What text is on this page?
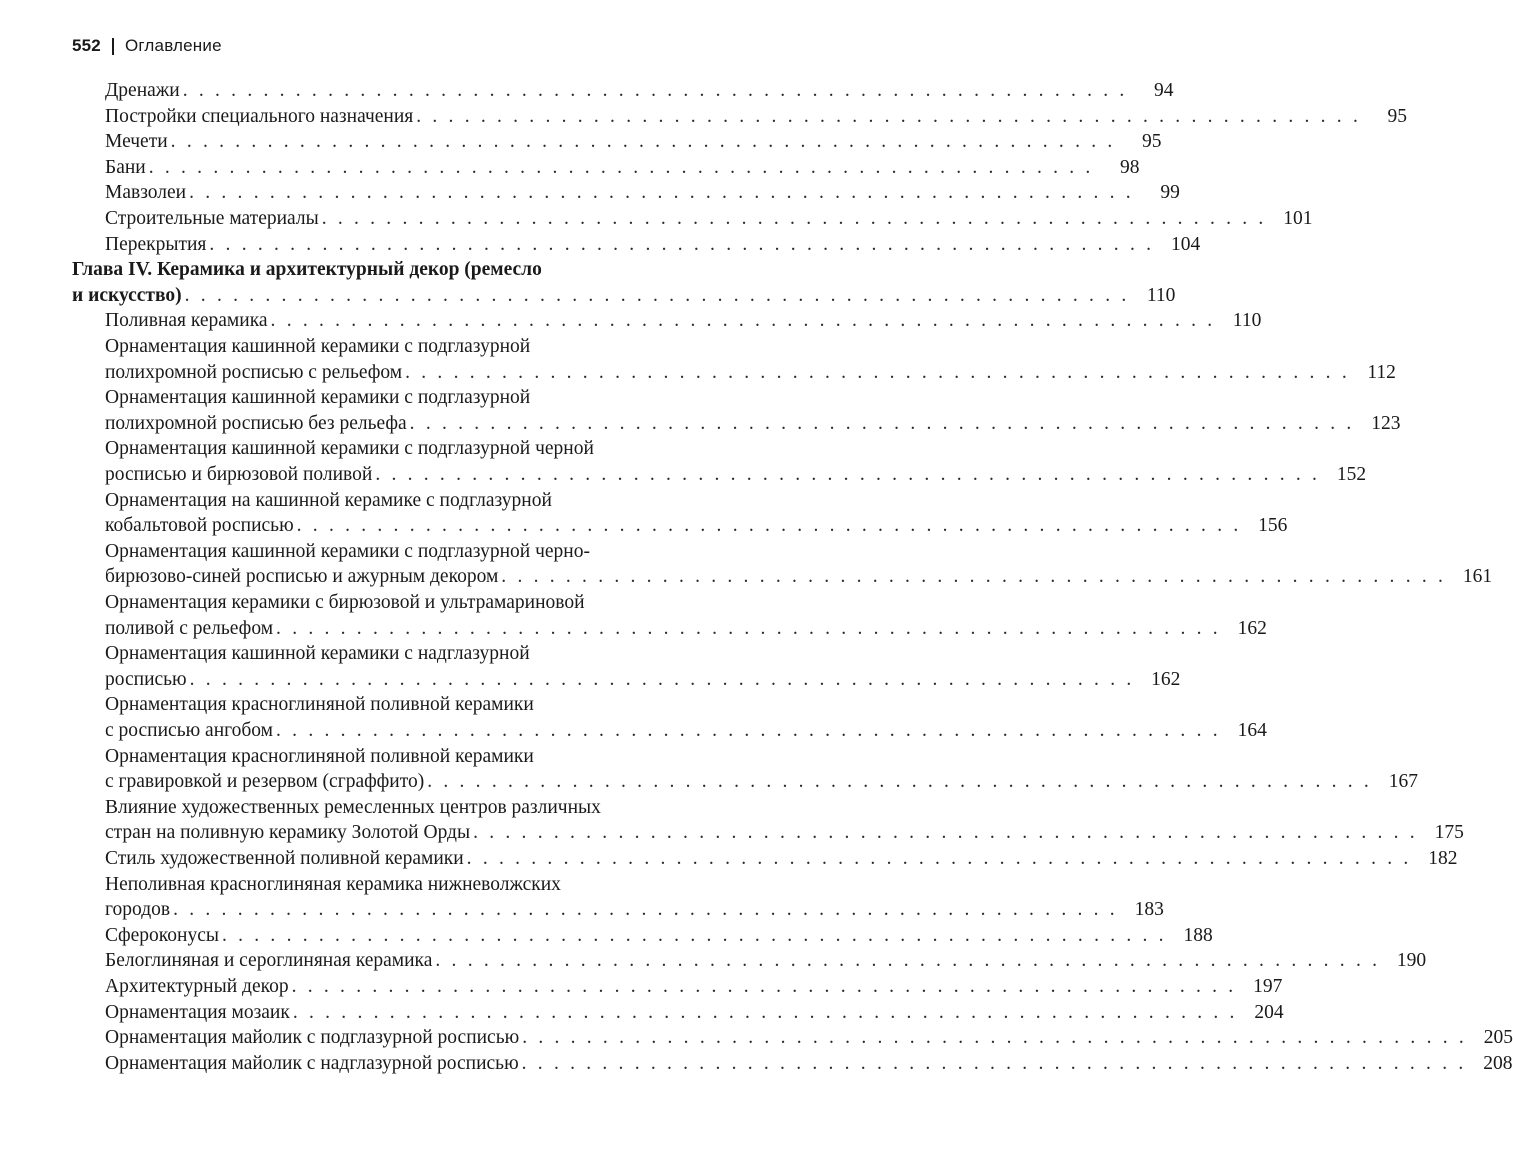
552 Оглавление
Дренажи . . . . . . . . . . . . . . . . . . . . . . . . . . . . . . . . . . . . . . . . . . . . . . . . . . . . . . . . . . .	94
Постройки специального назначения . . . . . . . . . . . . . . . . . . . . . . . . . . . . . . . . . . . . . . . . . . . . . . . . . . . . . . . . . . .	95
Мечети . . . . . . . . . . . . . . . . . . . . . . . . . . . . . . . . . . . . . . . . . . . . . . . . . . . . . . . . . . .	95
Бани . . . . . . . . . . . . . . . . . . . . . . . . . . . . . . . . . . . . . . . . . . . . . . . . . . . . . . . . . . .	98
Мавзолеи . . . . . . . . . . . . . . . . . . . . . . . . . . . . . . . . . . . . . . . . . . . . . . . . . . . . . . . . . . .	99
Строительные материалы . . . . . . . . . . . . . . . . . . . . . . . . . . . . . . . . . . . . . . . . . . . . . . . . . . . . . . . . . . . 101
Перекрытия . . . . . . . . . . . . . . . . . . . . . . . . . . . . . . . . . . . . . . . . . . . . . . . . . . . . . . . . . . . 104
Глава IV. Керамика и архитектурный декор (ремесло
и искусство) . . . . . . . . . . . . . . . . . . . . . . . . . . . . . . . . . . . . . . . . . . . . . . . . . . . . . . . . . . . 110
Поливная керамика . . . . . . . . . . . . . . . . . . . . . . . . . . . . . . . . . . . . . . . . . . . . . . . . . . . . . . . . . . . 110
Орнаментация кашинной керамики с подглазурной
полихромной росписью с рельефом . . . . . . . . . . . . . . . . . . . . . . . . . . . . . . . . . . . . . . . . . . . . . . . . . . . . . . . . . . . 112
Орнаментация кашинной керамики с подглазурной
полихромной росписью без рельефа . . . . . . . . . . . . . . . . . . . . . . . . . . . . . . . . . . . . . . . . . . . . . . . . . . . . . . . . . . . 123
Орнаментация кашинной керамики с подглазурной черной
росписью и бирюзовой поливой . . . . . . . . . . . . . . . . . . . . . . . . . . . . . . . . . . . . . . . . . . . . . . . . . . . . . . . . . . . 152
Орнаментация на кашинной керамике с подглазурной
кобальтовой росписью . . . . . . . . . . . . . . . . . . . . . . . . . . . . . . . . . . . . . . . . . . . . . . . . . . . . . . . . . . . 156
Орнаментация кашинной керамики с подглазурной черно-
бирюзово-синей росписью и ажурным декором . . . . . . . . . . . . . . . . . . . . . . . . . . . . . . . . . . . . . . . . . . . . . . . . . . . . . . . . . . . 161
Орнаментация керамики с бирюзовой и ультрамариновой
поливой с рельефом . . . . . . . . . . . . . . . . . . . . . . . . . . . . . . . . . . . . . . . . . . . . . . . . . . . . . . . . . . . 162
Орнаментация кашинной керамики с надглазурной
росписью . . . . . . . . . . . . . . . . . . . . . . . . . . . . . . . . . . . . . . . . . . . . . . . . . . . . . . . . . . . 162
Орнаментация красноглиняной поливной керамики
с росписью ангобом . . . . . . . . . . . . . . . . . . . . . . . . . . . . . . . . . . . . . . . . . . . . . . . . . . . . . . . . . . . 164
Орнаментация красноглиняной поливной керамики
с гравировкой и резервом (сграффито) . . . . . . . . . . . . . . . . . . . . . . . . . . . . . . . . . . . . . . . . . . . . . . . . . . . . . . . . . . . 167
Влияние художественных ремесленных центров различных
стран на поливную керамику Золотой Орды . . . . . . . . . . . . . . . . . . . . . . . . . . . . . . . . . . . . . . . . . . . . . . . . . . . . . . . . . . . 175
Стиль художественной поливной керамики . . . . . . . . . . . . . . . . . . . . . . . . . . . . . . . . . . . . . . . . . . . . . . . . . . . . . . . . . . . 182
Неполивная красноглиняная керамика нижневолжских
городов . . . . . . . . . . . . . . . . . . . . . . . . . . . . . . . . . . . . . . . . . . . . . . . . . . . . . . . . . . . 183
Сфероконусы . . . . . . . . . . . . . . . . . . . . . . . . . . . . . . . . . . . . . . . . . . . . . . . . . . . . . . . . . . . 188
Белоглиняная и сероглиняная керамика . . . . . . . . . . . . . . . . . . . . . . . . . . . . . . . . . . . . . . . . . . . . . . . . . . . . . . . . . . . 190
Архитектурный декор . . . . . . . . . . . . . . . . . . . . . . . . . . . . . . . . . . . . . . . . . . . . . . . . . . . . . . . . . . . 197
Орнаментация мозаик . . . . . . . . . . . . . . . . . . . . . . . . . . . . . . . . . . . . . . . . . . . . . . . . . . . . . . . . . . . 204
Орнаментация майолик с подглазурной росписью . . . . . . . . . . . . . . . . . . . . . . . . . . . . . . . . . . . . . . . . . . . . . . . . . . . . . . . . . . . 205
Орнаментация майолик с надглазурной росписью . . . . . . . . . . . . . . . . . . . . . . . . . . . . . . . . . . . . . . . . . . . . . . . . . . . . . . . . . . . 208
